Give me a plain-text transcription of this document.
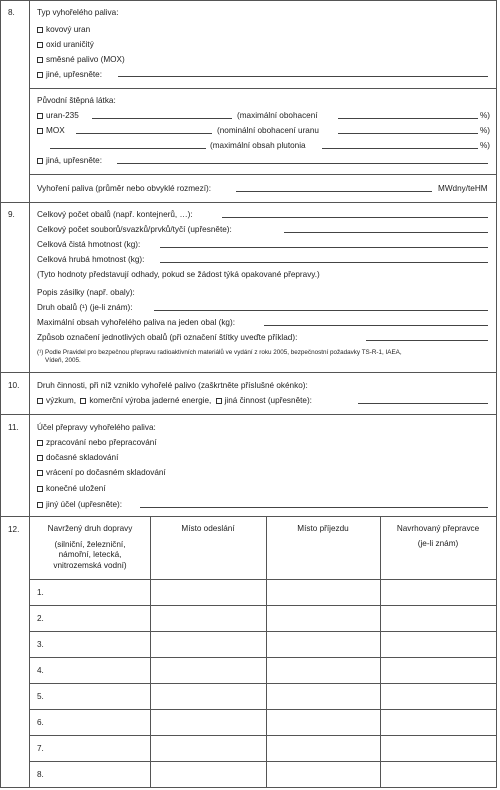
8.	Typ vyhořelého paliva:
kovový uran
oxid uraničitý
směsné palivo (MOX)
jiné, upřesněte:
Původní štěpná látka:
uran-235	(maximální obohacení	%)
MOX	(nominální obohacení uranu	%)
(maximální obsah plutonia	%)
jiná, upřesněte:
Vyhoření paliva (průměr nebo obvyklé rozmezí):	MWdny/teHM
9.	Celkový počet obalů (např. kontejnerů, …):
Celkový počet souborů/svazků/prvků/tyčí (upřesněte):
Celková čistá hmotnost (kg):
Celková hrubá hmotnost (kg):
(Tyto hodnoty představují odhady, pokud se žádost týká opakované přepravy.)
Popis zásilky (např. obaly):
Druh obalů (¹) (je-li znám):
Maximální obsah vyhořelého paliva na jeden obal (kg):
Způsob označení jednotlivých obalů (při označení štítky uveďte příklad):
(¹) Podle Pravidel pro bezpečnou přepravu radioaktivních materiálů ve vydání z roku 2005, bezpečnostní požadavky TS-R-1, IAEA,
Vídeň, 2005.
10.	Druh činnosti, při níž vzniklo vyhořelé palivo (zaškrtněte příslušné okénko):
výzkum, komerční výroba jaderné energie, jiná činnost (upřesněte):
11.	Účel přepravy vyhořelého paliva:
zpracování nebo přepracování
dočasné skladování
vrácení po dočasném skladování
konečné uložení
jiný účel (upřesněte):
12.	Navržený druh dopravy
(silniční, železniční, námořní, letecká, vnitrozemská vodní)
Místo odeslání	Místo příjezdu	Navrhovaný přepravce
(je-li znám)
1.
2.
3.
4.
5.
6.
7.
8.
